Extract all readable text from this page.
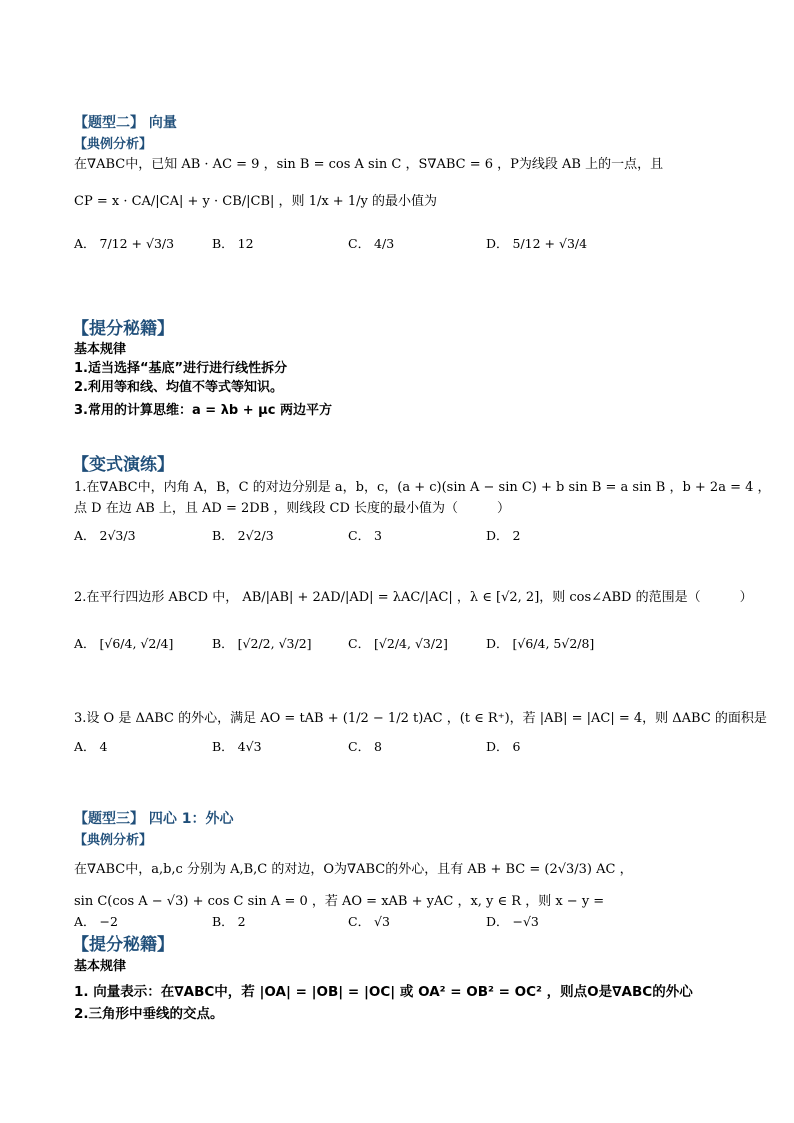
【题型二】 向量
【典例分析】
在∇ABC中，已知 AB · AC = 9 ，sin B = cos A sin C ，S∇ABC = 6 ，P为线段 AB 上的一点，且
CP = x · CA/|CA| + y · CB/|CB| ，则 1/x + 1/y 的最小值为
A． 7/12 + √3/3	B． 12	C． 4/3	D． 5/12 + √3/4
【提分秘籍】
基本规律
1.适当选择“基底”进行进行线性拆分
2.利用等和线、均值不等式等知识。
3.常用的计算思维：a = λb + μc 两边平方
【变式演练】
1.在∇ABC中，内角 A，B，C 的对边分别是 a，b，c，(a + c)(sin A − sin C) + b sin B = a sin B ，b + 2a = 4 ，
点 D 在边 AB 上，且 AD = 2DB ，则线段 CD 长度的最小值为（　　　）
A． 2√3/3	B． 2√2/3	C． 3	D． 2
2.在平行四边形 ABCD 中， AB/|AB| + 2AD/|AD| = λAC/|AC| ，λ ∈ [√2, 2]，则 cos∠ABD 的范围是（　　　）
A． [√6/4, √2/4]	B． [√2/2, √3/2]	C． [√2/4, √3/2]	D． [√6/4, 5√2/8]
3.设 O 是 ΔABC 的外心，满足 AO = tAB + (1/2 − 1/2 t)AC ，(t ∈ R⁺)，若 |AB| = |AC| = 4，则 ΔABC 的面积是
A． 4	B． 4√3	C． 8	D． 6
【题型三】 四心 1：外心
【典例分析】
在∇ABC中，a,b,c 分别为 A,B,C 的对边，O为∇ABC的外心，且有 AB + BC = (2√3/3) AC ，
sin C(cos A − √3) + cos C sin A = 0 ，若 AO = xAB + yAC ，x, y ∈ R ，则 x − y =
A． −2	B． 2	C． √3	D． −√3
【提分秘籍】
基本规律
1. 向量表示：在∇ABC中，若 |OA| = |OB| = |OC| 或 OA² = OB² = OC² ，则点O是∇ABC的外心
2.三角形中垂线的交点。
